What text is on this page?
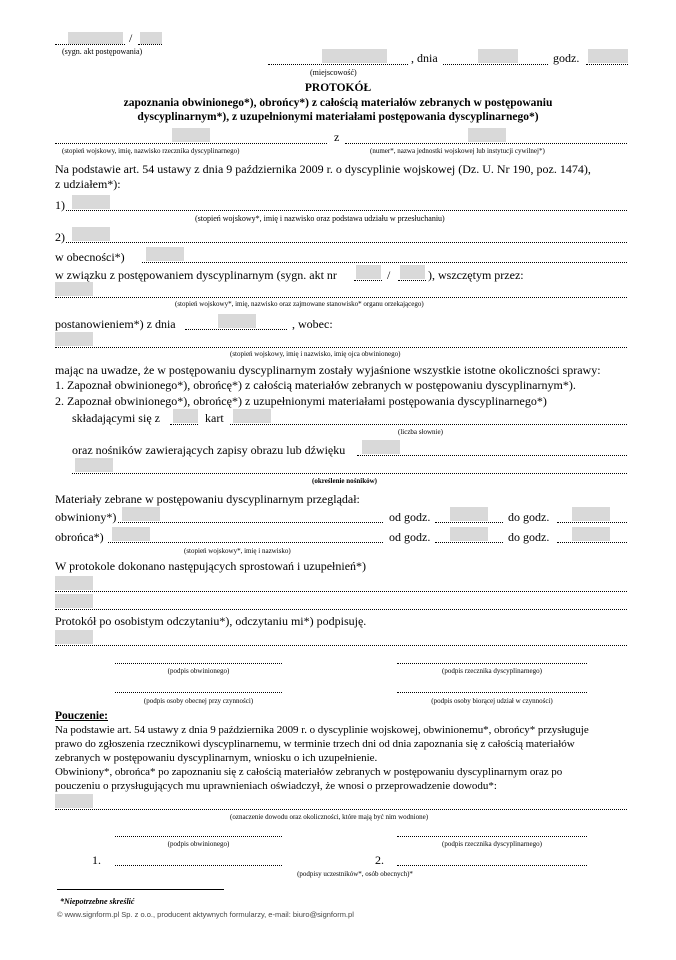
/
(sygn. akt postępowania)	, dnia	godz.
(miejscowość)
PROTOKÓŁ
zapoznania obwinionego*), obrońcy*) z całością materiałów zebranych w postępowaniu
dyscyplinarnym*), z uzupełnionymi materiałami postępowania dyscyplinarnego*)
z
(stopień wojskowy, imię, nazwisko rzecznika dyscyplinarnego)	(numer*, nazwa jednostki wojskowej lub instytucji cywilnej*)
Na podstawie art. 54 ustawy z dnia 9 października 2009 r. o dyscyplinie wojskowej (Dz. U. Nr 190, poz. 1474),
z udziałem*):
1)
(stopień wojskowy*, imię i nazwisko oraz podstawa udziału w przesłuchaniu)
2)
w obecności*)
w związku z postępowaniem dyscyplinarnym (sygn. akt nr	/	), wszczętym przez:
(stopień wojskowy*, imię, nazwisko oraz zajmowane stanowisko* organu orzekającego)
postanowieniem*) z dnia	, wobec:
(stopień wojskowy, imię i nazwisko, imię ojca obwinionego)
mając na uwadze, że w postępowaniu dyscyplinarnym zostały wyjaśnione wszystkie istotne okoliczności sprawy:
1. Zapoznał obwinionego*), obrońcę*) z całością materiałów zebranych w postępowaniu dyscyplinarnym*).
2. Zapoznał obwinionego*), obrońcę*) z uzupełnionymi materiałami postępowania dyscyplinarnego*)
składającymi się z	kart
(liczba słownie)
oraz nośników zawierających zapisy obrazu lub dźwięku
(określenie nośników)
Materiały zebrane w postępowaniu dyscyplinarnym przeglądał:
obwiniony*)	od godz.	do godz.
obrońca*)	od godz.	do godz.
(stopień wojskowy*, imię i nazwisko)
W protokole dokonano następujących sprostowań i uzupełnień*)
Protokół po osobistym odczytaniu*), odczytaniu mi*) podpisuję.
(podpis obwinionego)	(podpis rzecznika dyscyplinarnego)
(podpis osoby obecnej przy czynności)	(podpis osoby biorącej udział w czynności)
Pouczenie:
Na podstawie art. 54 ustawy z dnia 9 października 2009 r. o dyscyplinie wojskowej, obwinionemu*, obrońcy* przysługuje
prawo do zgłoszenia rzecznikowi dyscyplinarnemu, w terminie trzech dni od dnia zapoznania się z całością materiałów
zebranych w postępowaniu dyscyplinarnym, wniosku o ich uzupełnienie.
Obwiniony*, obrońca* po zapoznaniu się z całością materiałów zebranych w postępowaniu dyscyplinarnym oraz po
pouczeniu o przysługujących mu uprawnieniach oświadczył, że wnosi o przeprowadzenie dowodu*:
(oznaczenie dowodu oraz okoliczności, które mają być nim wodnione)
(podpis obwinionego)	(podpis rzecznika dyscyplinarnego)
1.	2.
(podpisy uczestników*, osób obecnych)*
*Niepotrzebne skreślić
© www.signform.pl Sp. z o.o., producent aktywnych formularzy, e-mail: biuro@signform.pl
